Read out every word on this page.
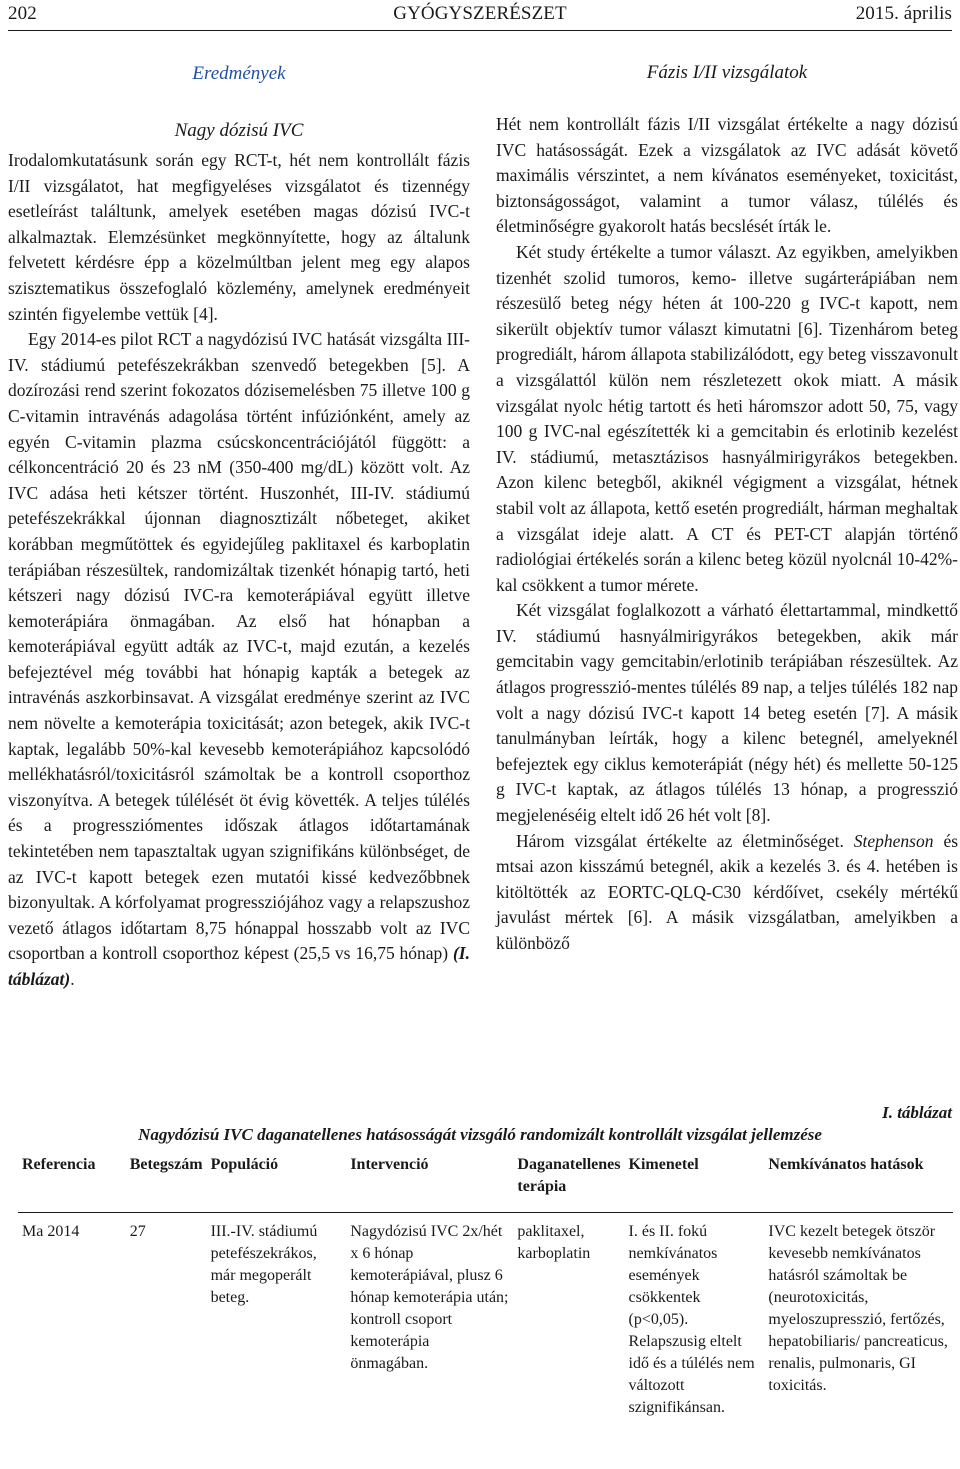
202	GYÓGYSZERÉSZET	2015. április
Eredmények
Nagy dózisú IVC

Irodalomkutatásunk során egy RCT-t, hét nem kontrollált fázis I/II vizsgálatot, hat megfigyeléses vizsgálatot és tizennégy esetleírást találtunk, amelyek esetében magas dózisú IVC-t alkalmaztak. Elemzésünket megkönnyítette, hogy az általunk felvetett kérdésre épp a közelmúltban jelent meg egy alapos szisztematikus összefoglaló közlemény, amelynek eredményeit szintén figyelembe vettük [4].

Egy 2014-es pilot RCT a nagydózisú IVC hatását vizsgálta III-IV. stádiumú petefészekrákban szenvedő betegekben [5]. A dozírozási rend szerint fokozatos dózisemelésben 75 illetve 100 g C-vitamin intravénás adagolása történt infúziónként, amely az egyén C-vitamin plazma csúcskoncentrációjától függött: a célkoncentráció 20 és 23 nM (350-400 mg/dL) között volt. Az IVC adása heti kétszer történt. Huszonhét, III-IV. stádiumú petefészekrákkal újonnan diagnosztizált nőbeteget, akiket korábban megműtöttek és egyidejűleg paklitaxel és karboplatin terápiában részesültek, randomizáltak tizenkét hónapig tartó, heti kétszeri nagy dózisú IVC-ra kemoterápiával együtt illetve kemoterápiára önmagában. Az első hat hónapban a kemoterápiával együtt adták az IVC-t, majd ezután, a kezelés befejeztével még további hat hónapig kapták a betegek az intravénás aszkorbinsavat. A vizsgálat eredménye szerint az IVC nem növelte a kemoterápia toxicitását; azon betegek, akik IVC-t kaptak, legalább 50%-kal kevesebb kemoterápiához kapcsolódó mellékhatásról/toxicitásról számoltak be a kontroll csoporthoz viszonyítva. A betegek túlélését öt évig követték. A teljes túlélés és a progressziómentes időszak átlagos időtartamának tekintetében nem tapasztaltak ugyan szignifikáns különbséget, de az IVC-t kapott betegek ezen mutatói kissé kedvezőbbnek bizonyultak. A kórfolyamat progressziójához vagy a relapszushoz vezető átlagos időtartam 8,75 hónappal hosszabb volt az IVC csoportban a kontroll csoporthoz képest (25,5 vs 16,75 hónap) (I. táblázat).

Fázis I/II vizsgálatok

Hét nem kontrollált fázis I/II vizsgálat értékelte a nagy dózisú IVC hatásosságát. Ezek a vizsgálatok az IVC adását követő maximális vérszintet, a nem kívánatos eseményeket, toxicitást, biztonságosságot, valamint a tumor válasz, túlélés és életminőségre gyakorolt hatás becslését írták le.

Két study értékelte a tumor választ. Az egyikben, amelyikben tizenhét szolid tumoros, kemo- illetve sugárterápiában nem részesülő beteg négy héten át 100-220 g IVC-t kapott, nem sikerült objektív tumor választ kimutatni [6]. Tizenhárom beteg progrediált, három állapota stabilizálódott, egy beteg visszavonult a vizsgálattól külön nem részletezett okok miatt. A másik vizsgálat nyolc hétig tartott és heti háromszor adott 50, 75, vagy 100 g IVC-nal egészítették ki a gemcitabin és erlotinib kezelést IV. stádiumú, metasztázisos hasnyálmirigyrákos betegekben. Azon kilenc betegből, akiknél végigment a vizsgálat, hétnek stabil volt az állapota, kettő esetén progrediált, hárman meghaltak a vizsgálat ideje alatt. A CT és PET-CT alapján történő radiológiai értékelés során a kilenc beteg közül nyolcnál 10-42%-kal csökkent a tumor mérete.

Két vizsgálat foglalkozott a várható élettartammal, mindkettő IV. stádiumú hasnyálmirigyrákos betegekben, akik már gemcitabin vagy gemcitabin/erlotinib terápiában részesültek. Az átlagos progresszió-mentes túlélés 89 nap, a teljes túlélés 182 nap volt a nagy dózisú IVC-t kapott 14 beteg esetén [7]. A másik tanulmányban leírták, hogy a kilenc betegnél, amelyeknél befejeztek egy ciklus kemoterápiát (négy hét) és mellette 50-125 g IVC-t kaptak, az átlagos túlélés 13 hónap, a progresszió megjelenéséig eltelt idő 26 hét volt [8].

Három vizsgálat értékelte az életminőséget. Stephenson és mtsai azon kisszámú betegnél, akik a kezelés 3. és 4. hetében is kitöltötték az EORTC-QLQ-C30 kérdőívet, csekély mértékű javulást mértek [6]. A másik vizsgálatban, amelyikben a különböző

I. táblázat
Nagydózisú IVC daganatellenes hatásosságát vizsgáló randomizált kontrollált vizsgálat jellemzése
Referencia	Betegszám	Populáció	Intervenció	Daganatellenes terápia	Kimenetel	Nemkívánatos hatások
Ma 2014	27	III.-IV. stádiumú petefészekrákos, már megoperált beteg.	Nagydózisú IVC 2x/hét x 6 hónap kemoterápiával, plusz 6 hónap kemoterápia után; kontroll csoport kemoterápia önmagában.	paklitaxel, karboplatin	I. és II. fokú nemkívánatos események csökkentek (p<0,05). Relapszusig eltelt idő és a túlélés nem változott szignifikánsan.	IVC kezelt betegek ötször kevesebb nemkívánatos hatásról számoltak be (neurotoxicitás, myeloszupresszió, fertőzés, hepatobiliaris/ pancreaticus, renalis, pulmonaris, GI toxicitás.
